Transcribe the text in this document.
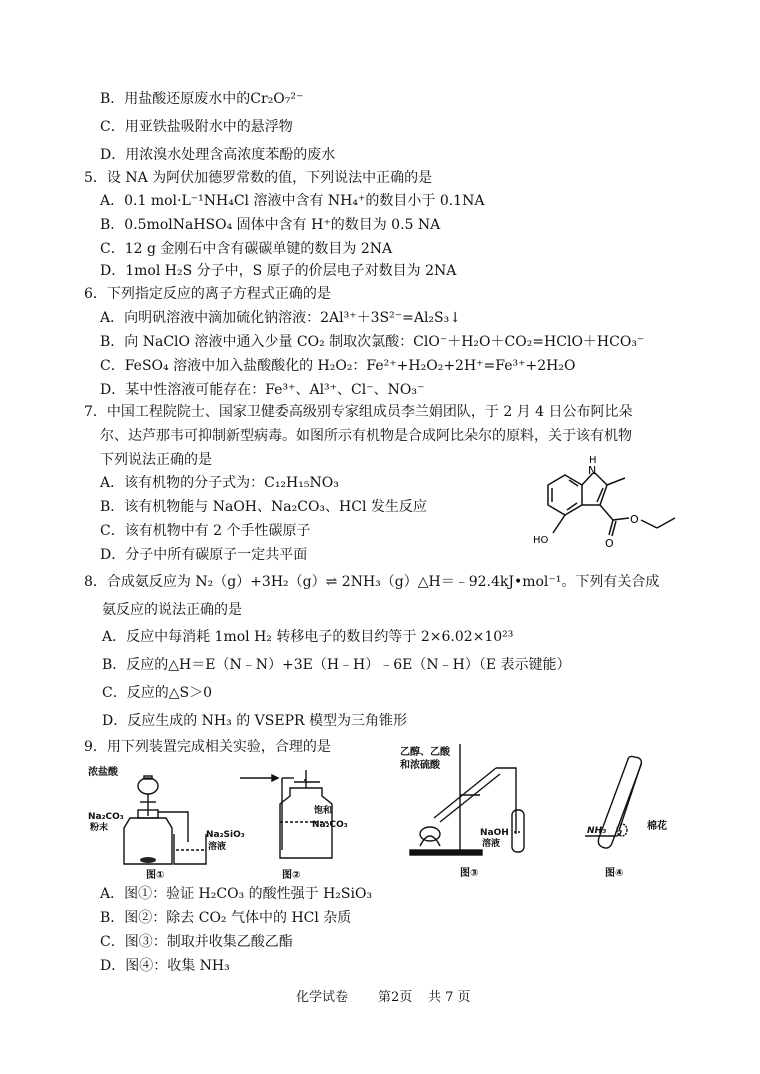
B．用盐酸还原废水中的Cr₂O₇²⁻
C．用亚铁盐吸附水中的悬浮物
D．用浓溴水处理含高浓度苯酚的废水
5．设 NA 为阿伏加德罗常数的值，下列说法中正确的是
A．0.1 mol·L⁻¹NH₄Cl 溶液中含有 NH₄⁺的数目小于 0.1NA
B．0.5molNaHSO₄ 固体中含有 H⁺的数目为 0.5 NA
C．12 g 金刚石中含有碳碳单键的数目为 2NA
D．1mol H₂S 分子中，S 原子的价层电子对数目为 2NA
6．下列指定反应的离子方程式正确的是
A．向明矾溶液中滴加硫化钠溶液：2Al³⁺＋3S²⁻=Al₂S₃↓
B．向 NaClO 溶液中通入少量 CO₂ 制取次氯酸：ClO⁻＋H₂O＋CO₂=HClO＋HCO₃⁻
C．FeSO₄ 溶液中加入盐酸酸化的 H₂O₂：Fe²⁺+H₂O₂+2H⁺=Fe³⁺+2H₂O
D．某中性溶液可能存在：Fe³⁺、Al³⁺、Cl⁻、NO₃⁻
7．中国工程院院士、国家卫健委高级别专家组成员李兰娟团队，于 2 月 4 日公布阿比朵
尔、达芦那韦可抑制新型病毒。如图所示有机物是合成阿比朵尔的原料，关于该有机物
下列说法正确的是
A．该有机物的分子式为：C₁₂H₁₅NO₃
B．该有机物能与 NaOH、Na₂CO₃、HCl 发生反应
C．该有机物中有 2 个手性碳原子
D．分子中所有碳原子一定共平面
H
N
O
O
HO
8．合成氨反应为 N₂（g）+3H₂（g）⇌ 2NH₃（g）△H＝﹣92.4kJ•mol⁻¹。下列有关合成
氨反应的说法正确的是
A．反应中每消耗 1mol H₂ 转移电子的数目约等于 2×6.02×10²³
B．反应的△H＝E（N﹣N）+3E（H﹣H）﹣6E（N﹣H）（E 表示键能）
C．反应的△S＞0
D．反应生成的 NH₃ 的 VSEPR 模型为三角锥形
9．用下列装置完成相关实验，合理的是
浓盐酸
Na₂CO₃
粉末
Na₂SiO₃
溶液
图①
饱和
Na₂CO₃
图②
乙醇、乙酸
和浓硫酸
NaOH
溶液
图③
NH₃	棉花
图④
A．图①：验证 H₂CO₃ 的酸性强于 H₂SiO₃
B．图②：除去 CO₂ 气体中的 HCl 杂质
C．图③：制取并收集乙酸乙酯
D．图④：收集 NH₃
化学试卷 第2页 共 7 页
